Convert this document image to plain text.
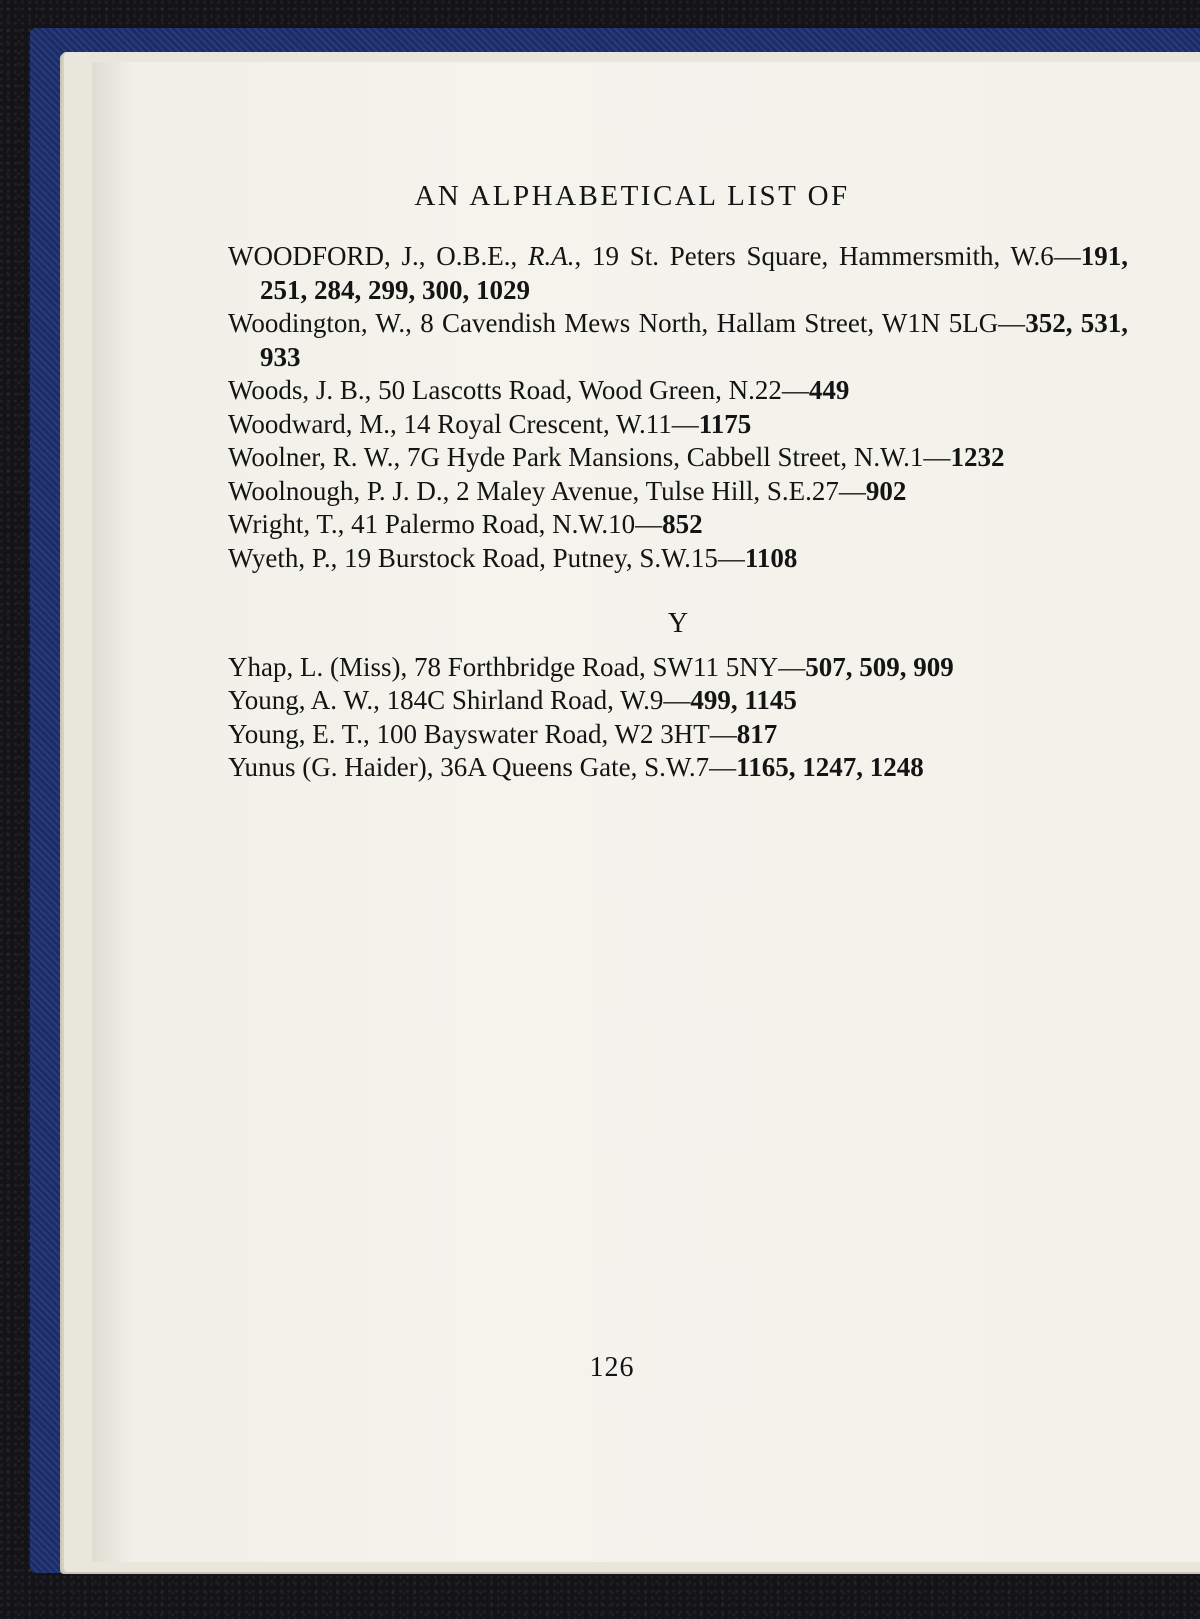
AN ALPHABETICAL LIST OF

WOODFORD, J., O.B.E., R.A., 19 St. Peters Square, Hammersmith, W.6—191, 251, 284, 299, 300, 1029

Woodington, W., 8 Cavendish Mews North, Hallam Street, W1N 5LG—352, 531, 933

Woods, J. B., 50 Lascotts Road, Wood Green, N.22—449

Woodward, M., 14 Royal Crescent, W.11—1175

Woolner, R. W., 7G Hyde Park Mansions, Cabbell Street, N.W.1—1232

Woolnough, P. J. D., 2 Maley Avenue, Tulse Hill, S.E.27—902

Wright, T., 41 Palermo Road, N.W.10—852

Wyeth, P., 19 Burstock Road, Putney, S.W.15—1108

Y

Yhap, L. (Miss), 78 Forthbridge Road, SW11 5NY—507, 509, 909

Young, A. W., 184C Shirland Road, W.9—499, 1145

Young, E. T., 100 Bayswater Road, W2 3HT—817

Yunus (G. Haider), 36A Queens Gate, S.W.7—1165, 1247, 1248

126
